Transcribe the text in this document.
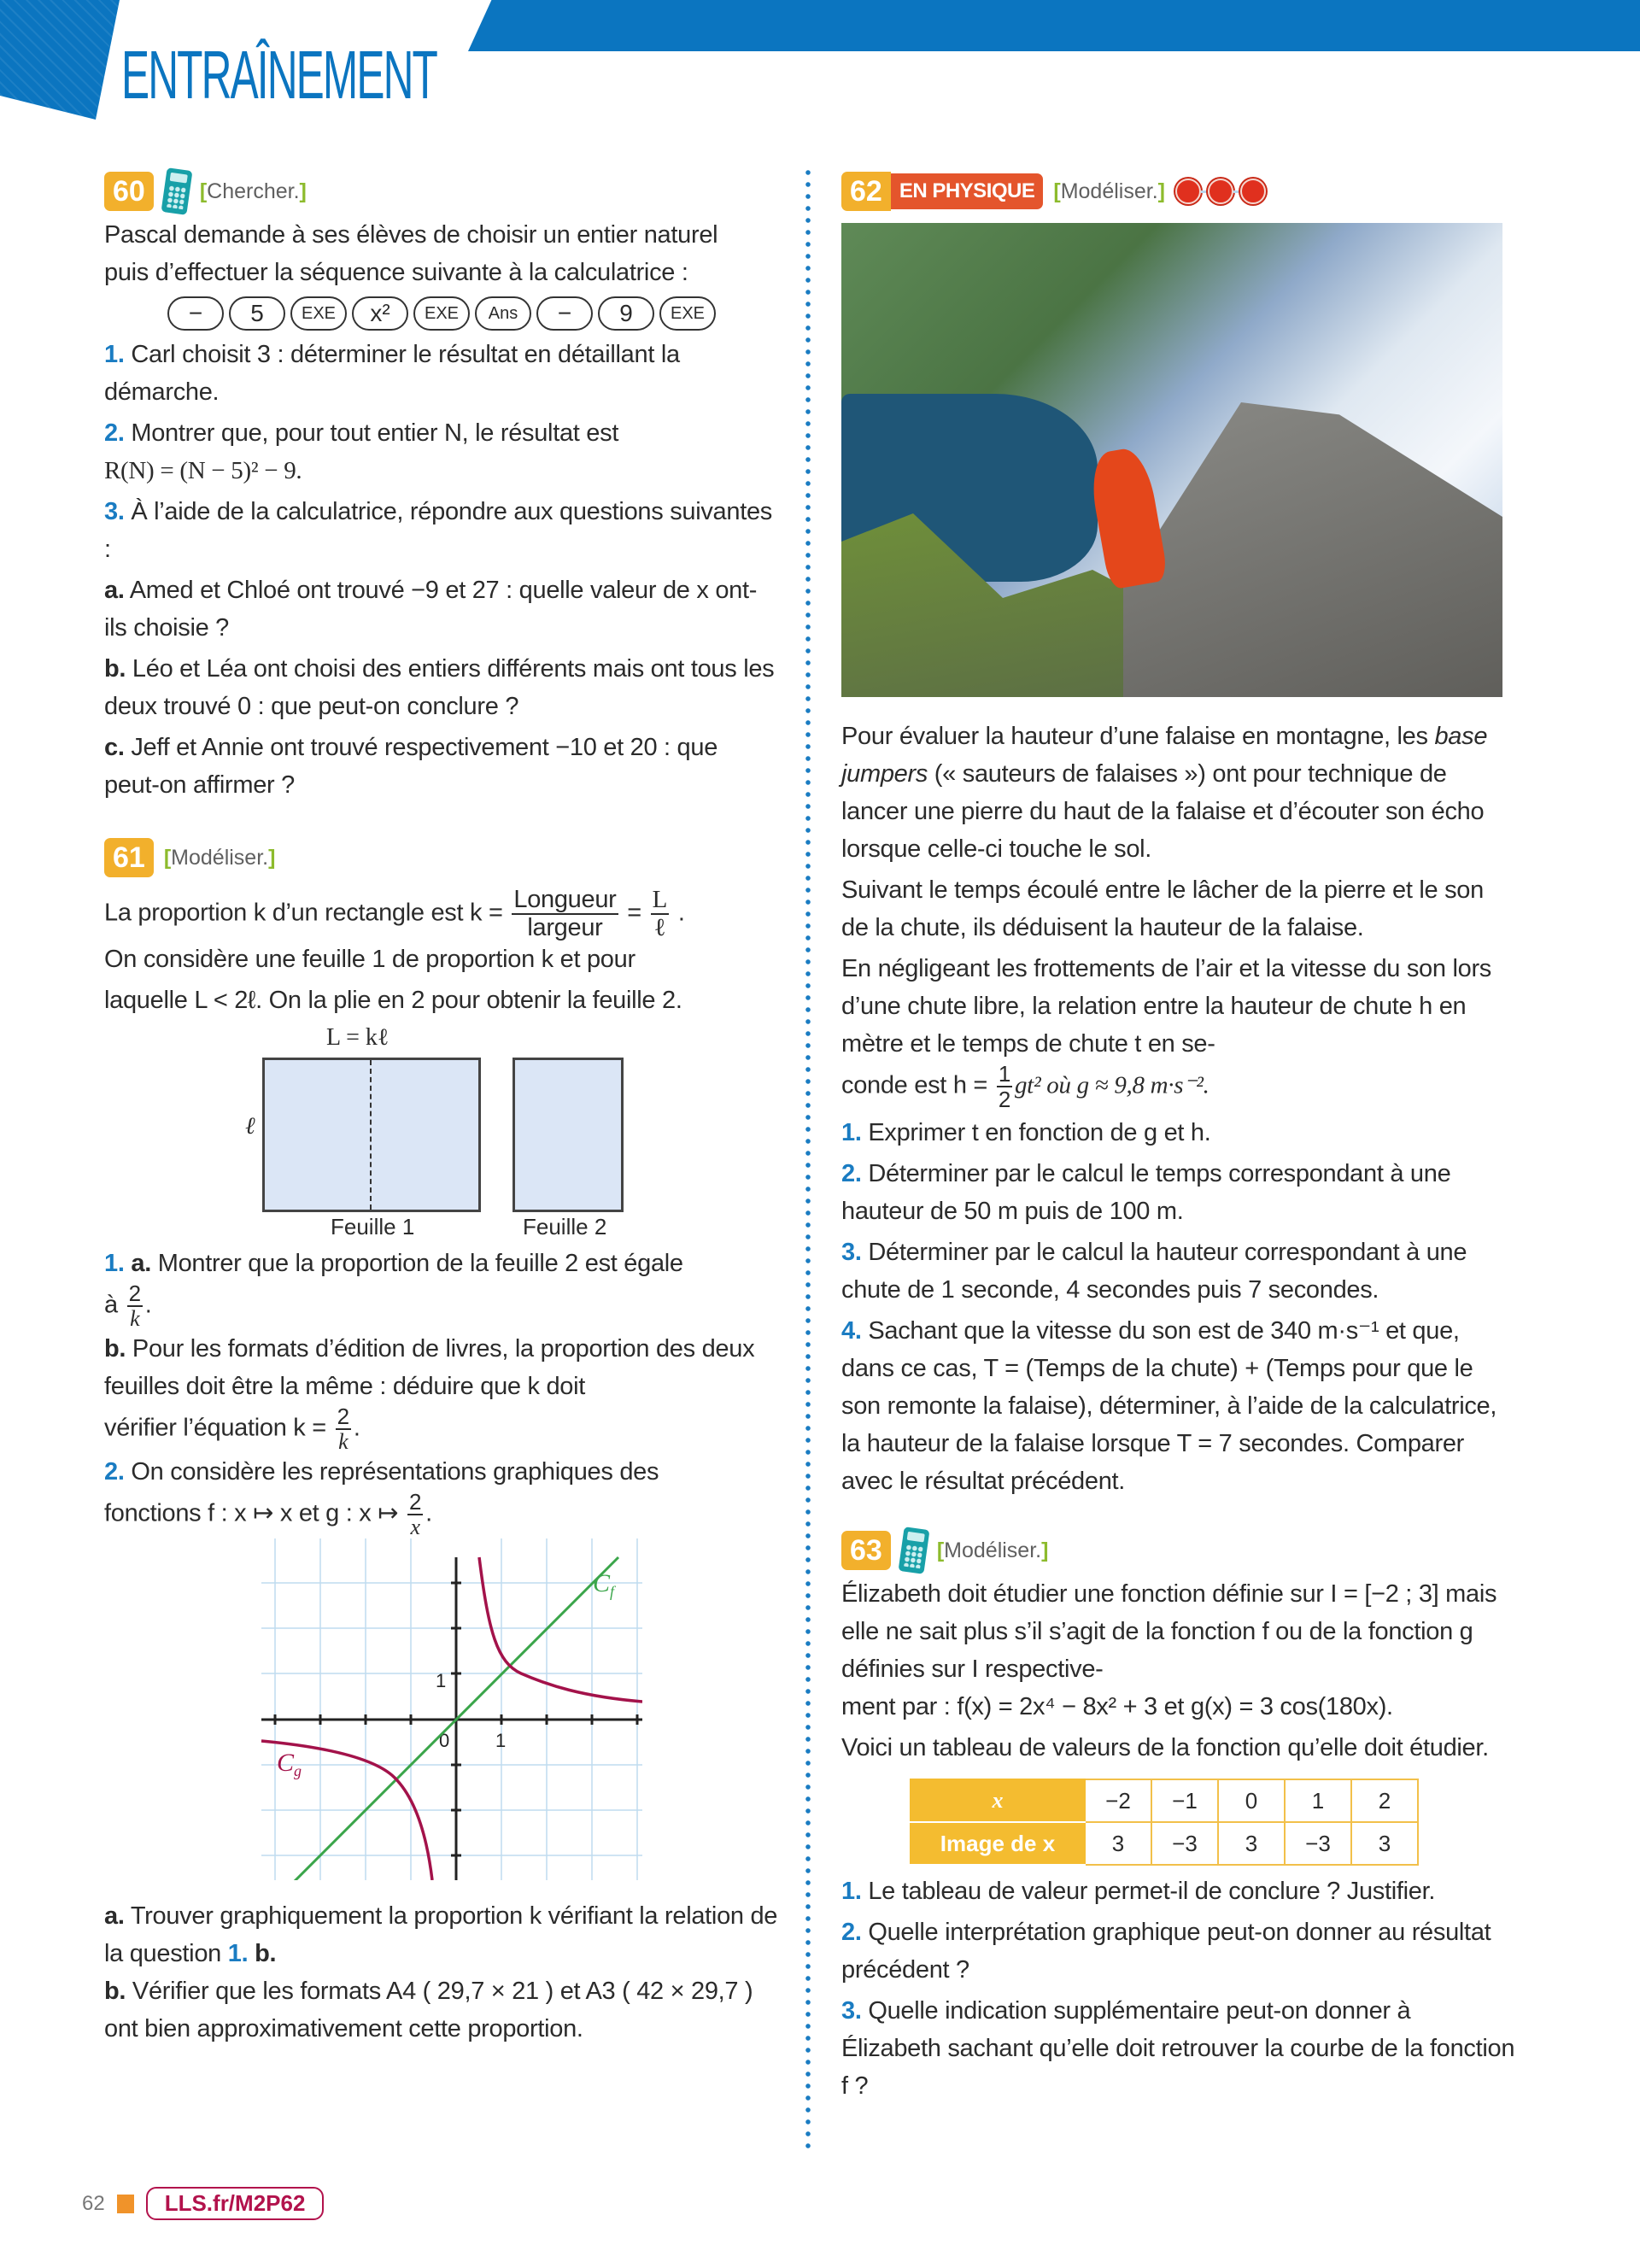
ENTRAÎNEMENT
60	[Chercher.]

Pascal demande à ses élèves de choisir un entier naturel

puis d’effectuer la séquence suivante à la calculatrice :

−	5	EXE	x²	EXE	Ans	−	9	EXE

1. Carl choisit 3 : déterminer le résultat en détaillant la démarche.

2. Montrer que, pour tout entier N, le résultat est

R(N) = (N − 5)² − 9.

3. À l’aide de la calculatrice, répondre aux questions suivantes :

a. Amed et Chloé ont trouvé −9 et 27 : quelle valeur de x ont-ils choisie ?

b. Léo et Léa ont choisi des entiers différents mais ont tous les deux trouvé 0 : que peut-on conclure ?

c. Jeff et Annie ont trouvé respectivement −10 et 20 : que peut-on affirmer ?

61 [Modéliser.]

La proportion k d’un rectangle est $k = \frac{\text{Longueur}}{\text{largeur}} = \frac{L}{\text{ℓ}}$ .

On considère une feuille 1 de proportion k et pour

laquelle L < 2ℓ. On la plie en 2 pour obtenir la feuille 2.

L = kℓ
ℓ
Feuille 1	Feuille 2

1. a. Montrer que la proportion de la feuille 2 est égale

à $\frac{2}{k}$ .

b. Pour les formats d’édition de livres, la proportion des deux feuilles doit être la même : déduire que k doit

vérifier l’équation $k = \frac{2}{k}$ .

2. On considère les représentations graphiques des

fonctions f : x ↦ x et g : x ↦ $\frac{2}{x}$ .

1
0 1
$C_f$
$C_g$

a. Trouver graphiquement la proportion k vérifiant la relation de la question 1. b.

b. Vérifier que les formats A4 ( 29,7 × 21 ) et A3 ( 42 × 29,7 ) ont bien approximativement cette proportion.

62 EN PHYSIQUE [Modéliser.]

Pour évaluer la hauteur d’une falaise en montagne, les base jumpers (« sauteurs de falaises ») ont pour technique de lancer une pierre du haut de la falaise et d’écouter son écho lorsque celle-ci touche le sol.

Suivant le temps écoulé entre le lâcher de la pierre et le son de la chute, ils déduisent la hauteur de la falaise.

En négligeant les frottements de l’air et la vitesse du son lors d’une chute libre, la relation entre la hauteur de chute h en mètre et le temps de chute t en se-

conde est $h = \frac{1}{2} gt^2$ où g ≈ 9,8 m·s⁻².

1. Exprimer t en fonction de g et h.

2. Déterminer par le calcul le temps correspondant à une hauteur de 50 m puis de 100 m.

3. Déterminer par le calcul la hauteur correspondant à une chute de 1 seconde, 4 secondes puis 7 secondes.

4. Sachant que la vitesse du son est de 340 m·s⁻¹ et que, dans ce cas, T = (Temps de la chute) + (Temps pour que le son remonte la falaise), déterminer, à l’aide de la calculatrice, la hauteur de la falaise lorsque T = 7 secondes. Comparer avec le résultat précédent.

63	[Modéliser.]

Élizabeth doit étudier une fonction définie sur I = [−2 ; 3] mais elle ne sait plus s’il s’agit de la fonction f ou de la fonction g définies sur I respective-

ment par : f(x) = 2x⁴ − 8x² + 3 et g(x) = 3 cos(180x).

Voici un tableau de valeurs de la fonction qu’elle doit étudier.

x	−2	−1	0	1	2
Image de x	3	−3	3	−3	3

1. Le tableau de valeur permet-il de conclure ? Justifier.

2. Quelle interprétation graphique peut-on donner au résultat précédent ?

3. Quelle indication supplémentaire peut-on donner à Élizabeth sachant qu’elle doit retrouver la courbe de la fonction f ?

62	LLS.fr/M2P62
